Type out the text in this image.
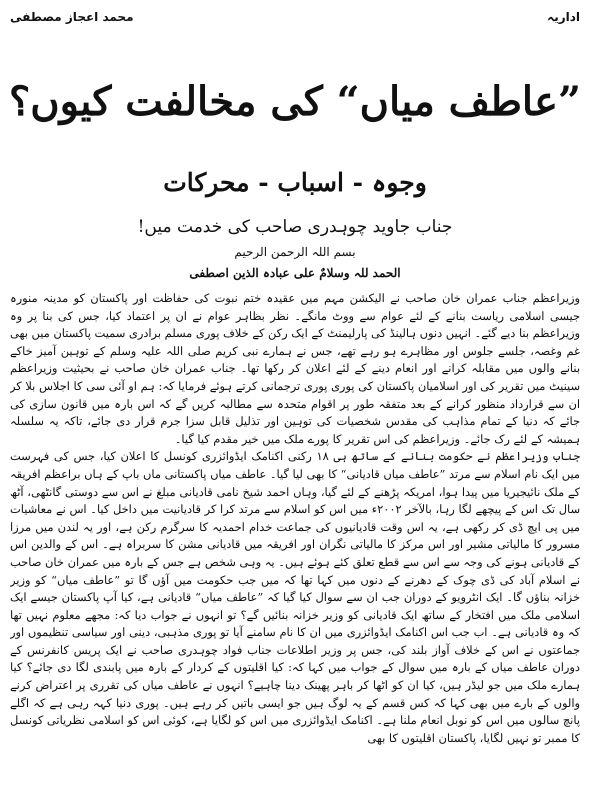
اداریہ
محمد اعجاز مصطفی
”عاطف میاں“ کی مخالفت کیوں؟
وجوہ - اسباب - محرکات
جناب جاوید چوہدری صاحب کی خدمت میں!
بسم اللہ الرحمن الرحیم
الحمد للہ وسلامٌ علی عبادہ الذین اصطفی

وزیراعظم جناب عمران خان صاحب نے الیکشن مہم میں عقیدہ ختم نبوت کی حفاظت اور پاکستان کو مدینہ منورہ جیسی اسلامی ریاست بنانے کے لئے عوام سے ووٹ مانگے۔ نظر بظاہر عوام نے ان پر اعتماد کیا، جس کی بنا پر وہ وزیراعظم بنا دیے گئے۔ انہیں دنوں ہالینڈ کی پارلیمنٹ کے ایک رکن کے خلاف پوری مسلم برادری سمیت پاکستان میں بھی غم وغصہ، جلسے جلوس اور مظاہرے ہو رہے تھے، جس نے ہمارے نبی کریم صلی اللہ علیہ وسلم کے توہین آمیز خاکے بنانے والوں میں مقابلہ کرانے اور انعام دینے کے لئے اعلان کر رکھا تھا۔ جناب عمران خان صاحب نے بحیثیت وزیراعظم سینیٹ میں تقریر کی اور اسلامیان پاکستان کی پوری پوری ترجمانی کرتے ہوئے فرمایا کہ: ہم او آئی سی کا اجلاس بلا کر ان سے قرارداد منظور کرانے کے بعد متفقہ طور پر اقوام متحدہ سے مطالبہ کریں گے کہ اس بارہ میں قانون سازی کی جائے کہ دنیا کے تمام مذاہب کی مقدس شخصیات کی توہین اور تذلیل قابل سزا جرم قرار دی جائے، تاکہ یہ سلسلہ ہمیشہ کے لئے رک جائے۔ وزیراعظم کی اس تقریر کا پورے ملک میں خیر مقدم کیا گیا۔

جناب وزیراعظم نے حکومت بنانے کے ساتھ ہی ۱۸ رکنی اکنامک ایڈوائزری کونسل کا اعلان کیا، جس کی فہرست میں ایک نام اسلام سے مرتد ”عاطف میاں قادیانی“ کا بھی لیا گیا۔ عاطف میاں پاکستانی ماں باپ کے ہاں براعظم افریقہ کے ملک نائیجیریا میں پیدا ہوا، امریکہ پڑھنے کے لئے گیا، وہاں احمد شیخ نامی قادیانی مبلغ نے اس سے دوستی گانٹھی، آٹھ سال تک اس کے پیچھے لگا رہا، بالآخر ۲۰۰۲ء میں اس کو اسلام سے مرتد کرا کر قادیانیت میں داخل کیا۔ اس نے معاشیات میں پی ایچ ڈی کر رکھی ہے، یہ اس وقت قادیانیوں کی جماعت خدام احمدیہ کا سرگرم رکن ہے، اور یہ لندن میں مرزا مسرور کا مالیاتی مشیر اور اس مرکز کا مالیاتی نگران اور افریقہ میں قادیانی مشن کا سربراہ ہے۔ اس کے والدین اس کے قادیانی ہونے کی وجہ سے اس سے قطع تعلق کئے ہوئے ہیں۔ یہ وہی شخص ہے جس کے بارہ میں عمران خان صاحب نے اسلام آباد کی ڈی چوک کے دھرنے کے دنوں میں کہا تھا کہ میں جب حکومت میں آؤں گا تو ”عاطف میاں“ کو وزیر خزانہ بناؤں گا۔ ایک انٹرویو کے دوران جب ان سے سوال کیا گیا کہ ”عاطف میاں“ قادیانی ہے، کیا آپ پاکستان جیسے ایک اسلامی ملک میں افتخار کے ساتھ ایک قادیانی کو وزیر خزانہ بنائیں گے؟ تو انہوں نے جواب دیا کہ: مجھے معلوم نہیں تھا کہ وہ قادیانی ہے۔ اب جب اس اکنامک ایڈوائزری میں ان کا نام سامنے آیا تو پوری مذہبی، دینی اور سیاسی تنظیموں اور جماعتوں نے اس کے خلاف آواز بلند کی، جس پر وزیر اطلاعات جناب فواد چوہدری صاحب نے ایک پریس کانفرنس کے دوران عاطف میاں کے بارہ میں سوال کے جواب میں کہا کہ: کیا اقلیتوں کے کردار کے بارہ میں پابندی لگا دی جائے؟ کیا ہمارے ملک میں جو لیڈر ہیں، کیا ان کو اٹھا کر باہر پھینک دینا چاہیے؟ انہوں نے عاطف میاں کی تقرری پر اعتراض کرنے والوں کے بارے میں بھی کہا کہ کس قسم کے یہ لوگ ہیں جو ایسی باتیں کر رہے ہیں۔ پوری دنیا کہہ رہی ہے کہ اگلے پانچ سالوں میں اس کو نوبل انعام ملنا ہے۔ اکنامک ایڈوائزری میں اس کو لگایا ہے، کوئی اس کو اسلامی نظریاتی کونسل کا ممبر تو نہیں لگایا، پاکستان اقلیتوں کا بھی
